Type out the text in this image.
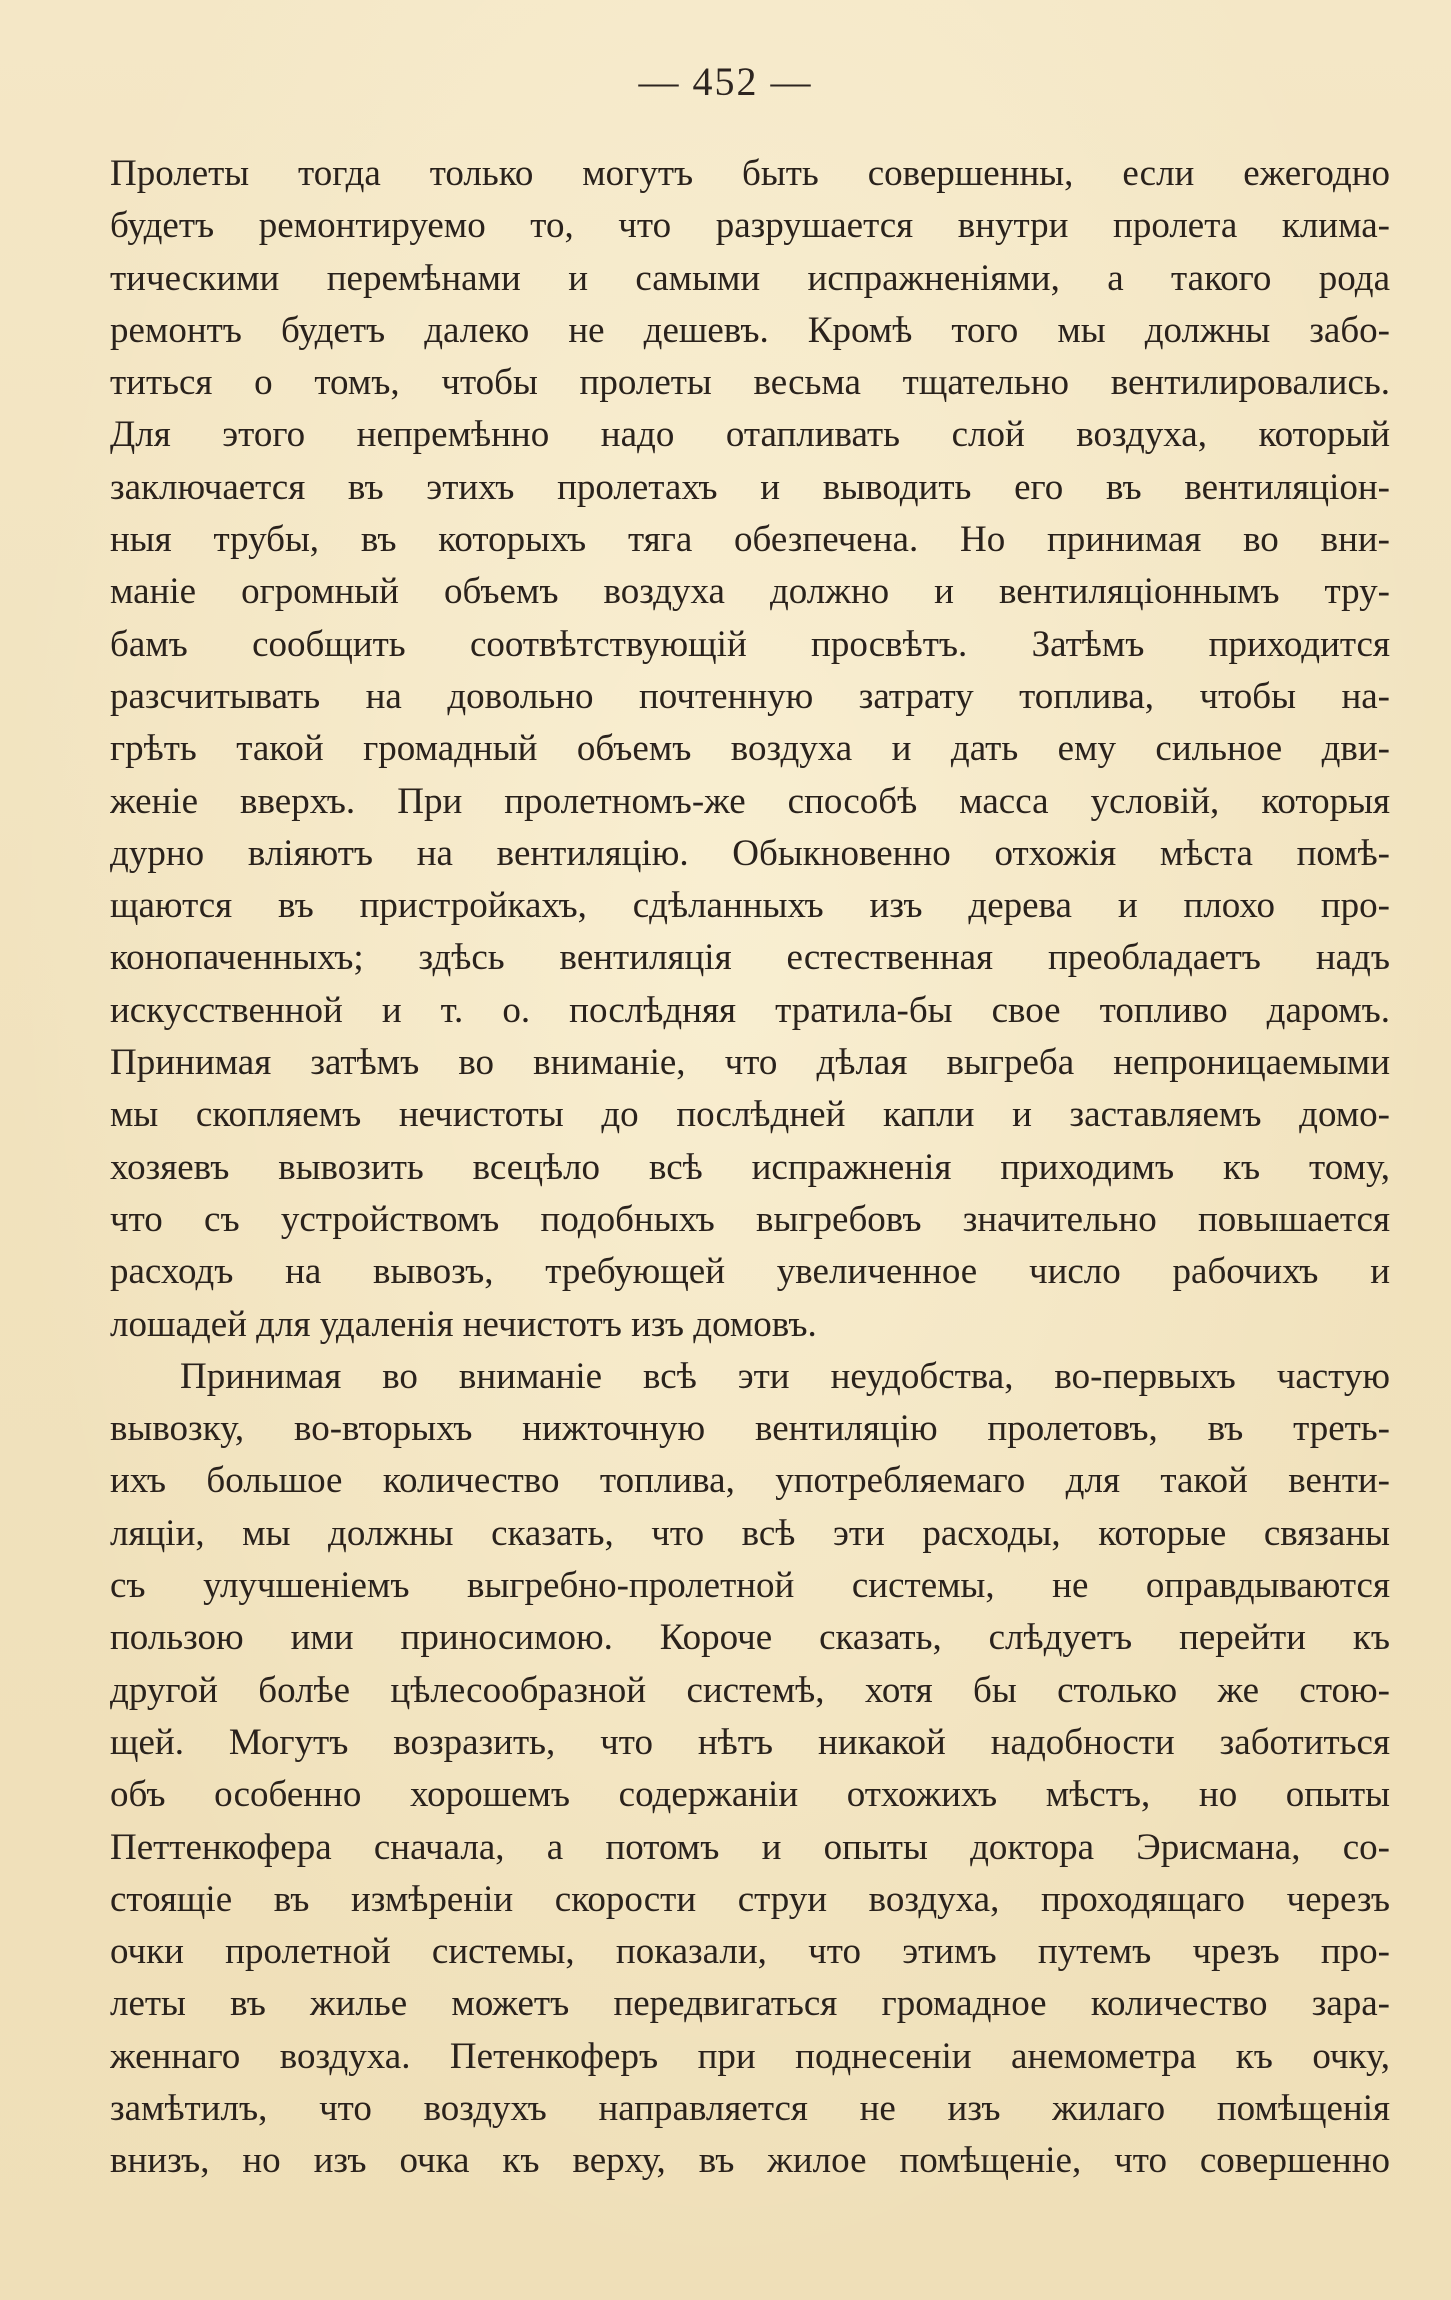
— 452 —
Пролеты тогда только могутъ быть совершенны, если ежегодно
будетъ ремонтируемо то, что разрушается внутри пролета клима-
тическими перемѣнами и самыми испражненіями, а такого рода
ремонтъ будетъ далеко не дешевъ. Кромѣ того мы должны забо-
титься о томъ, чтобы пролеты весьма тщательно вентилировались.
Для этого непремѣнно надо отапливать слой воздуха, который
заключается въ этихъ пролетахъ и выводить его въ вентиляціон-
ныя трубы, въ которыхъ тяга обезпечена. Но принимая во вни-
маніе огромный объемъ воздуха должно и вентиляціоннымъ тру-
бамъ сообщить соотвѣтствующій просвѣтъ. Затѣмъ приходится
разсчитывать на довольно почтенную затрату топлива, чтобы на-
грѣть такой громадный объемъ воздуха и дать ему сильное дви-
женіе вверхъ. При пролетномъ-же способѣ масса условій, которыя
дурно вліяютъ на вентиляцію. Обыкновенно отхожія мѣста помѣ-
щаются въ пристройкахъ, сдѣланныхъ изъ дерева и плохо про-
конопаченныхъ; здѣсь вентиляція естественная преобладаетъ надъ
искусственной и т. о. послѣдняя тратила-бы свое топливо даромъ.
Принимая затѣмъ во вниманіе, что дѣлая выгреба непроницаемыми
мы скопляемъ нечистоты до послѣдней капли и заставляемъ домо-
хозяевъ вывозить всецѣло всѣ испражненія приходимъ къ тому,
что съ устройствомъ подобныхъ выгребовъ значительно повышается
расходъ на вывозъ, требующей увеличенное число рабочихъ и
лошадей для удаленія нечистотъ изъ домовъ.
Принимая во вниманіе всѣ эти неудобства, во-первыхъ частую
вывозку, во-вторыхъ нижточную вентиляцію пролетовъ, въ треть-
ихъ большое количество топлива, употребляемаго для такой венти-
ляціи, мы должны сказать, что всѣ эти расходы, которые связаны
съ улучшеніемъ выгребно-пролетной системы, не оправдываются
пользою ими приносимою. Короче сказать, слѣдуетъ перейти къ
другой болѣе цѣлесообразной системѣ, хотя бы столько же стою-
щей. Могутъ возразить, что нѣтъ никакой надобности заботиться
объ особенно хорошемъ содержаніи отхожихъ мѣстъ, но опыты
Петтенкофера сначала, а потомъ и опыты доктора Эрисмана, со-
стоящіе въ измѣреніи скорости струи воздуха, проходящаго черезъ
очки пролетной системы, показали, что этимъ путемъ чрезъ про-
леты въ жилье можетъ передвигаться громадное количество зара-
женнаго воздуха. Петенкоферъ при поднесеніи анемометра къ очку,
замѣтилъ, что воздухъ направляется не изъ жилаго помѣщенія
внизъ, но изъ очка къ верху, въ жилое помѣщеніе, что совершенно
